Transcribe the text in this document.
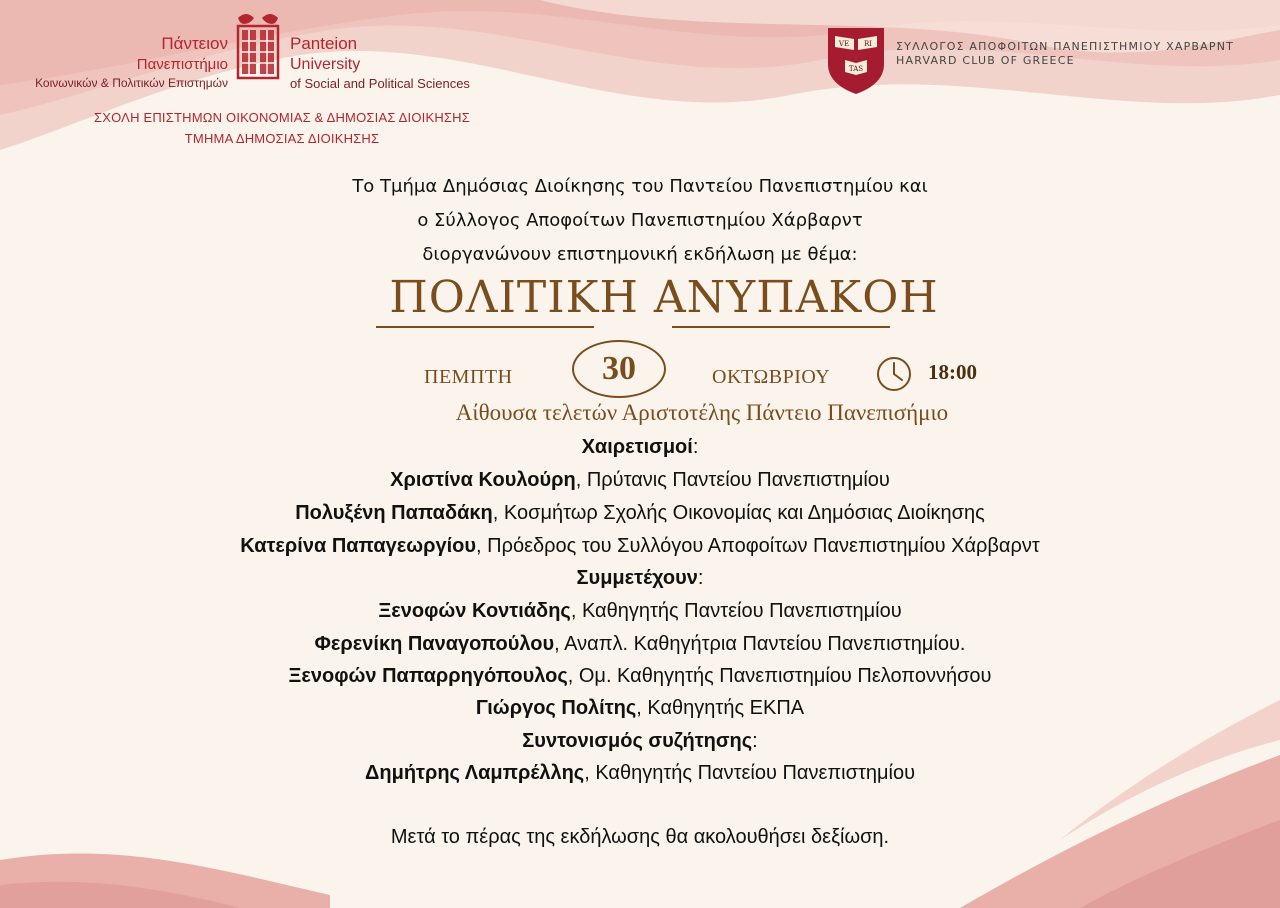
Πάντειον
Πανεπιστήμιο
Κοινωνικών & Πολιτικών Επιστημών
Panteion
University
of Social and Political Sciences
ΣΧΟΛΗ ΕΠΙΣΤΗΜΩΝ ΟΙΚΟΝΟΜΙΑΣ & ΔΗΜΟΣΙΑΣ ΔΙΟΙΚΗΣΗΣ
ΤΜΗΜΑ ΔΗΜΟΣΙΑΣ ΔΙΟΙΚΗΣΗΣ
VE RI
TAS
ΣΥΛΛΟΓΟΣ ΑΠΟΦΟΙΤΩΝ ΠΑΝΕΠΙΣΤΗΜΙΟΥ ΧΑΡΒΑΡΝΤ
HARVARD CLUB OF GREECE
Το Τμήμα Δημόσιας Διοίκησης του Παντείου Πανεπιστημίου και
ο Σύλλογος Αποφοίτων Πανεπιστημίου Χάρβαρντ
διοργανώνουν επιστημονική εκδήλωση με θέμα:
ΠΟΛΙΤΙΚΗ ΑΝΥΠΑΚΟΗ
ΠΕΜΠΤΗ	30	ΟΚΤΩΒΡΙΟΥ	18:00
Αίθουσα τελετών Αριστοτέλης Πάντειο Πανεπισήμιο
Χαιρετισμοί:
Χριστίνα Κουλούρη, Πρύτανις Παντείου Πανεπιστημίου
Πολυξένη Παπαδάκη, Κοσμήτωρ Σχολής Οικονομίας και Δημόσιας Διοίκησης
Κατερίνα Παπαγεωργίου, Πρόεδρος του Συλλόγου Αποφοίτων Πανεπιστημίου Χάρβαρντ
Συμμετέχουν:
Ξενοφών Κοντιάδης, Καθηγητής Παντείου Πανεπιστημίου
Φερενίκη Παναγοπούλου, Αναπλ. Καθηγήτρια Παντείου Πανεπιστημίου.
Ξενοφών Παπαρρηγόπουλος, Ομ. Καθηγητής Πανεπιστημίου Πελοποννήσου
Γιώργος Πολίτης, Καθηγητής ΕΚΠΑ
Συντονισμός συζήτησης:
Δημήτρης Λαμπρέλλης, Καθηγητής Παντείου Πανεπιστημίου
Μετά το πέρας της εκδήλωσης θα ακολουθήσει δεξίωση.
